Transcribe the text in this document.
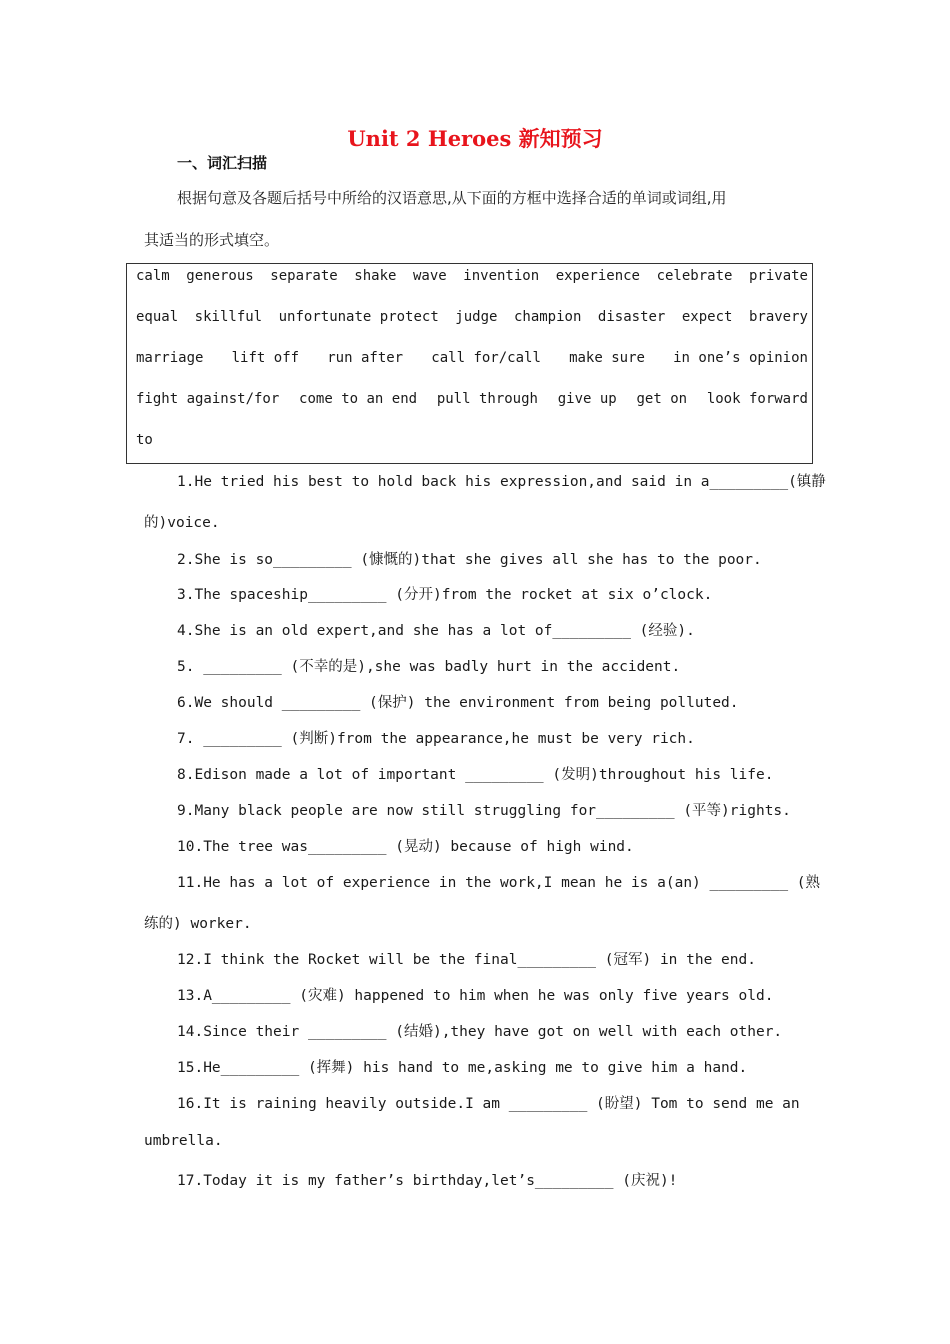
Unit 2 Heroes 新知预习
一、词汇扫描
根据句意及各题后括号中所给的汉语意思,从下面的方框中选择合适的单词或词组,用
其适当的形式填空。
calm generous separate shake wave invention experience celebrate private
equal skillful unfortunate protect judge champion disaster expect bravery
marriage lift off run after call for/call make sure in one’s opinion
fight against/for come to an end pull through give up get on look forward
to
1.He tried his best to hold back his expression,and said in a_________(镇静
的)voice.
2.She is so_________ (慷慨的)that she gives all she has to the poor.
3.The spaceship_________ (分开)from the rocket at six o’clock.
4.She is an old expert,and she has a lot of_________ (经验).
5. _________ (不幸的是),she was badly hurt in the accident.
6.We should _________ (保护) the environment from being polluted.
7. _________ (判断)from the appearance,he must be very rich.
8.Edison made a lot of important _________ (发明)throughout his life.
9.Many black people are now still struggling for_________ (平等)rights.
10.The tree was_________ (晃动) because of high wind.
11.He has a lot of experience in the work,I mean he is a(an) _________ (熟
练的) worker.
12.I think the Rocket will be the final_________ (冠军) in the end.
13.A_________ (灾难) happened to him when he was only five years old.
14.Since their _________ (结婚),they have got on well with each other.
15.He_________ (挥舞) his hand to me,asking me to give him a hand.
16.It is raining heavily outside.I am _________ (盼望) Tom to send me an
umbrella.
17.Today it is my father’s birthday,let’s_________ (庆祝)!
